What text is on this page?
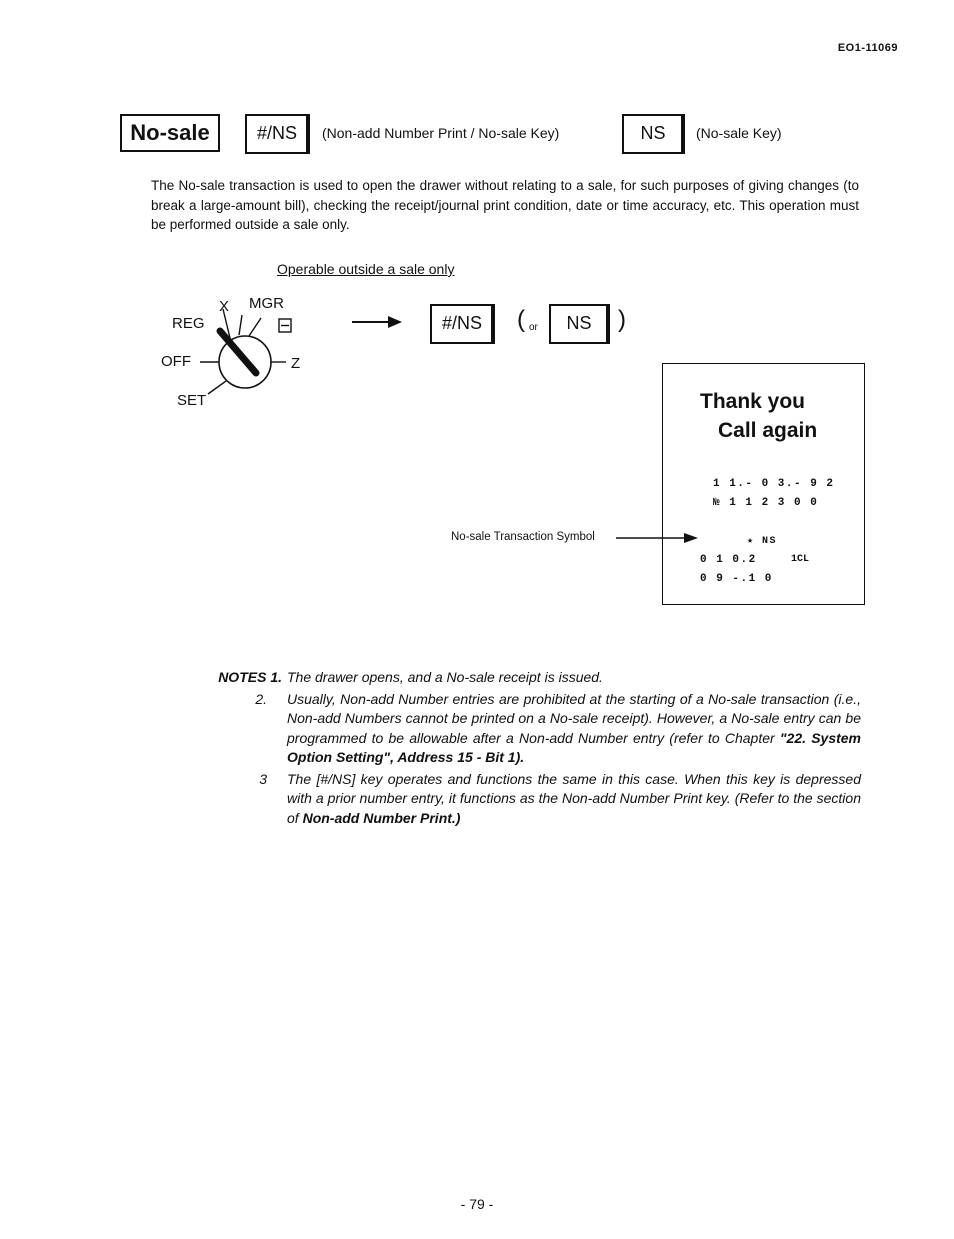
EO1-11069
No-sale	#/NS	(Non-add Number Print / No-sale Key)	NS	(No-sale Key)
The No-sale transaction is used to open the drawer without relating to a sale, for such purposes of giving changes (to break a large-amount bill), checking the receipt/journal print condition, date or time accuracy, etc. This operation must be performed outside a sale only.
Operable outside a sale only
X MGR
REG
OFF	Z
SET
#/NS	( or	NS	)
Thank you
Call again
1 1.- 0 3.- 9 2
№ 1 1 2 3 0 0
★ NS
0 1 0.2	1CL
0 9 -.1 0
No-sale Transaction Symbol
NOTES 1. The drawer opens, and a No-sale receipt is issued.
2.	Usually, Non-add Number entries are prohibited at the starting of a No-sale transaction (i.e., Non-add Numbers cannot be printed on a No-sale receipt). However, a No-sale entry can be programmed to be allowable after a Non-add Number entry (refer to Chapter "22. System Option Setting", Address 15 - Bit 1).
3	The [#/NS] key operates and functions the same in this case. When this key is depressed with a prior number entry, it functions as the Non-add Number Print key. (Refer to the section of Non-add Number Print.)
- 79 -
